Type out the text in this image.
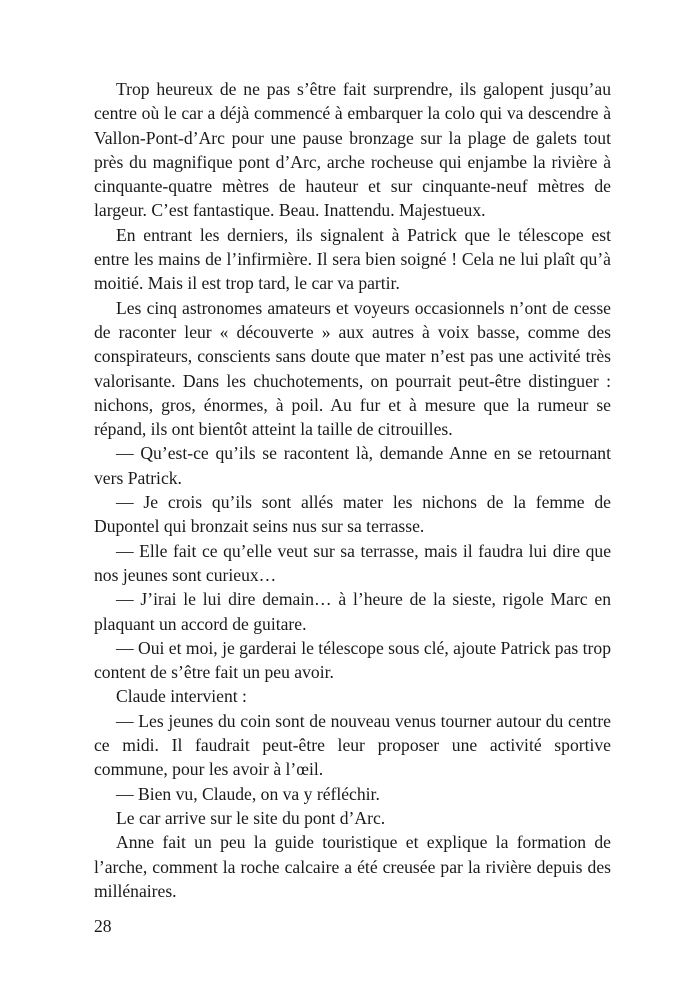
Trop heureux de ne pas s’être fait surprendre, ils galopent jusqu’au centre où le car a déjà commencé à embarquer la colo qui va descendre à Vallon-Pont-d’Arc pour une pause bronzage sur la plage de galets tout près du magnifique pont d’Arc, arche rocheuse qui enjambe la rivière à cinquante-quatre mètres de hauteur et sur cinquante-neuf mètres de largeur. C’est fantastique. Beau. Inattendu. Majestueux.

En entrant les derniers, ils signalent à Patrick que le télescope est entre les mains de l’infirmière. Il sera bien soigné ! Cela ne lui plaît qu’à moitié. Mais il est trop tard, le car va partir.

Les cinq astronomes amateurs et voyeurs occasionnels n’ont de cesse de raconter leur « découverte » aux autres à voix basse, comme des conspirateurs, conscients sans doute que mater n’est pas une activité très valorisante. Dans les chuchotements, on pourrait peut-être distinguer : nichons, gros, énormes, à poil. Au fur et à mesure que la rumeur se répand, ils ont bientôt atteint la taille de citrouilles.

— Qu’est-ce qu’ils se racontent là, demande Anne en se retournant vers Patrick.

— Je crois qu’ils sont allés mater les nichons de la femme de Dupontel qui bronzait seins nus sur sa terrasse.

— Elle fait ce qu’elle veut sur sa terrasse, mais il faudra lui dire que nos jeunes sont curieux…

— J’irai le lui dire demain… à l’heure de la sieste, rigole Marc en plaquant un accord de guitare.

— Oui et moi, je garderai le télescope sous clé, ajoute Patrick pas trop content de s’être fait un peu avoir.

Claude intervient :

— Les jeunes du coin sont de nouveau venus tourner autour du centre ce midi. Il faudrait peut-être leur proposer une activité sportive commune, pour les avoir à l’œil.

— Bien vu, Claude, on va y réfléchir.

Le car arrive sur le site du pont d’Arc.

Anne fait un peu la guide touristique et explique la formation de l’arche, comment la roche calcaire a été creusée par la rivière depuis des millénaires.

28
